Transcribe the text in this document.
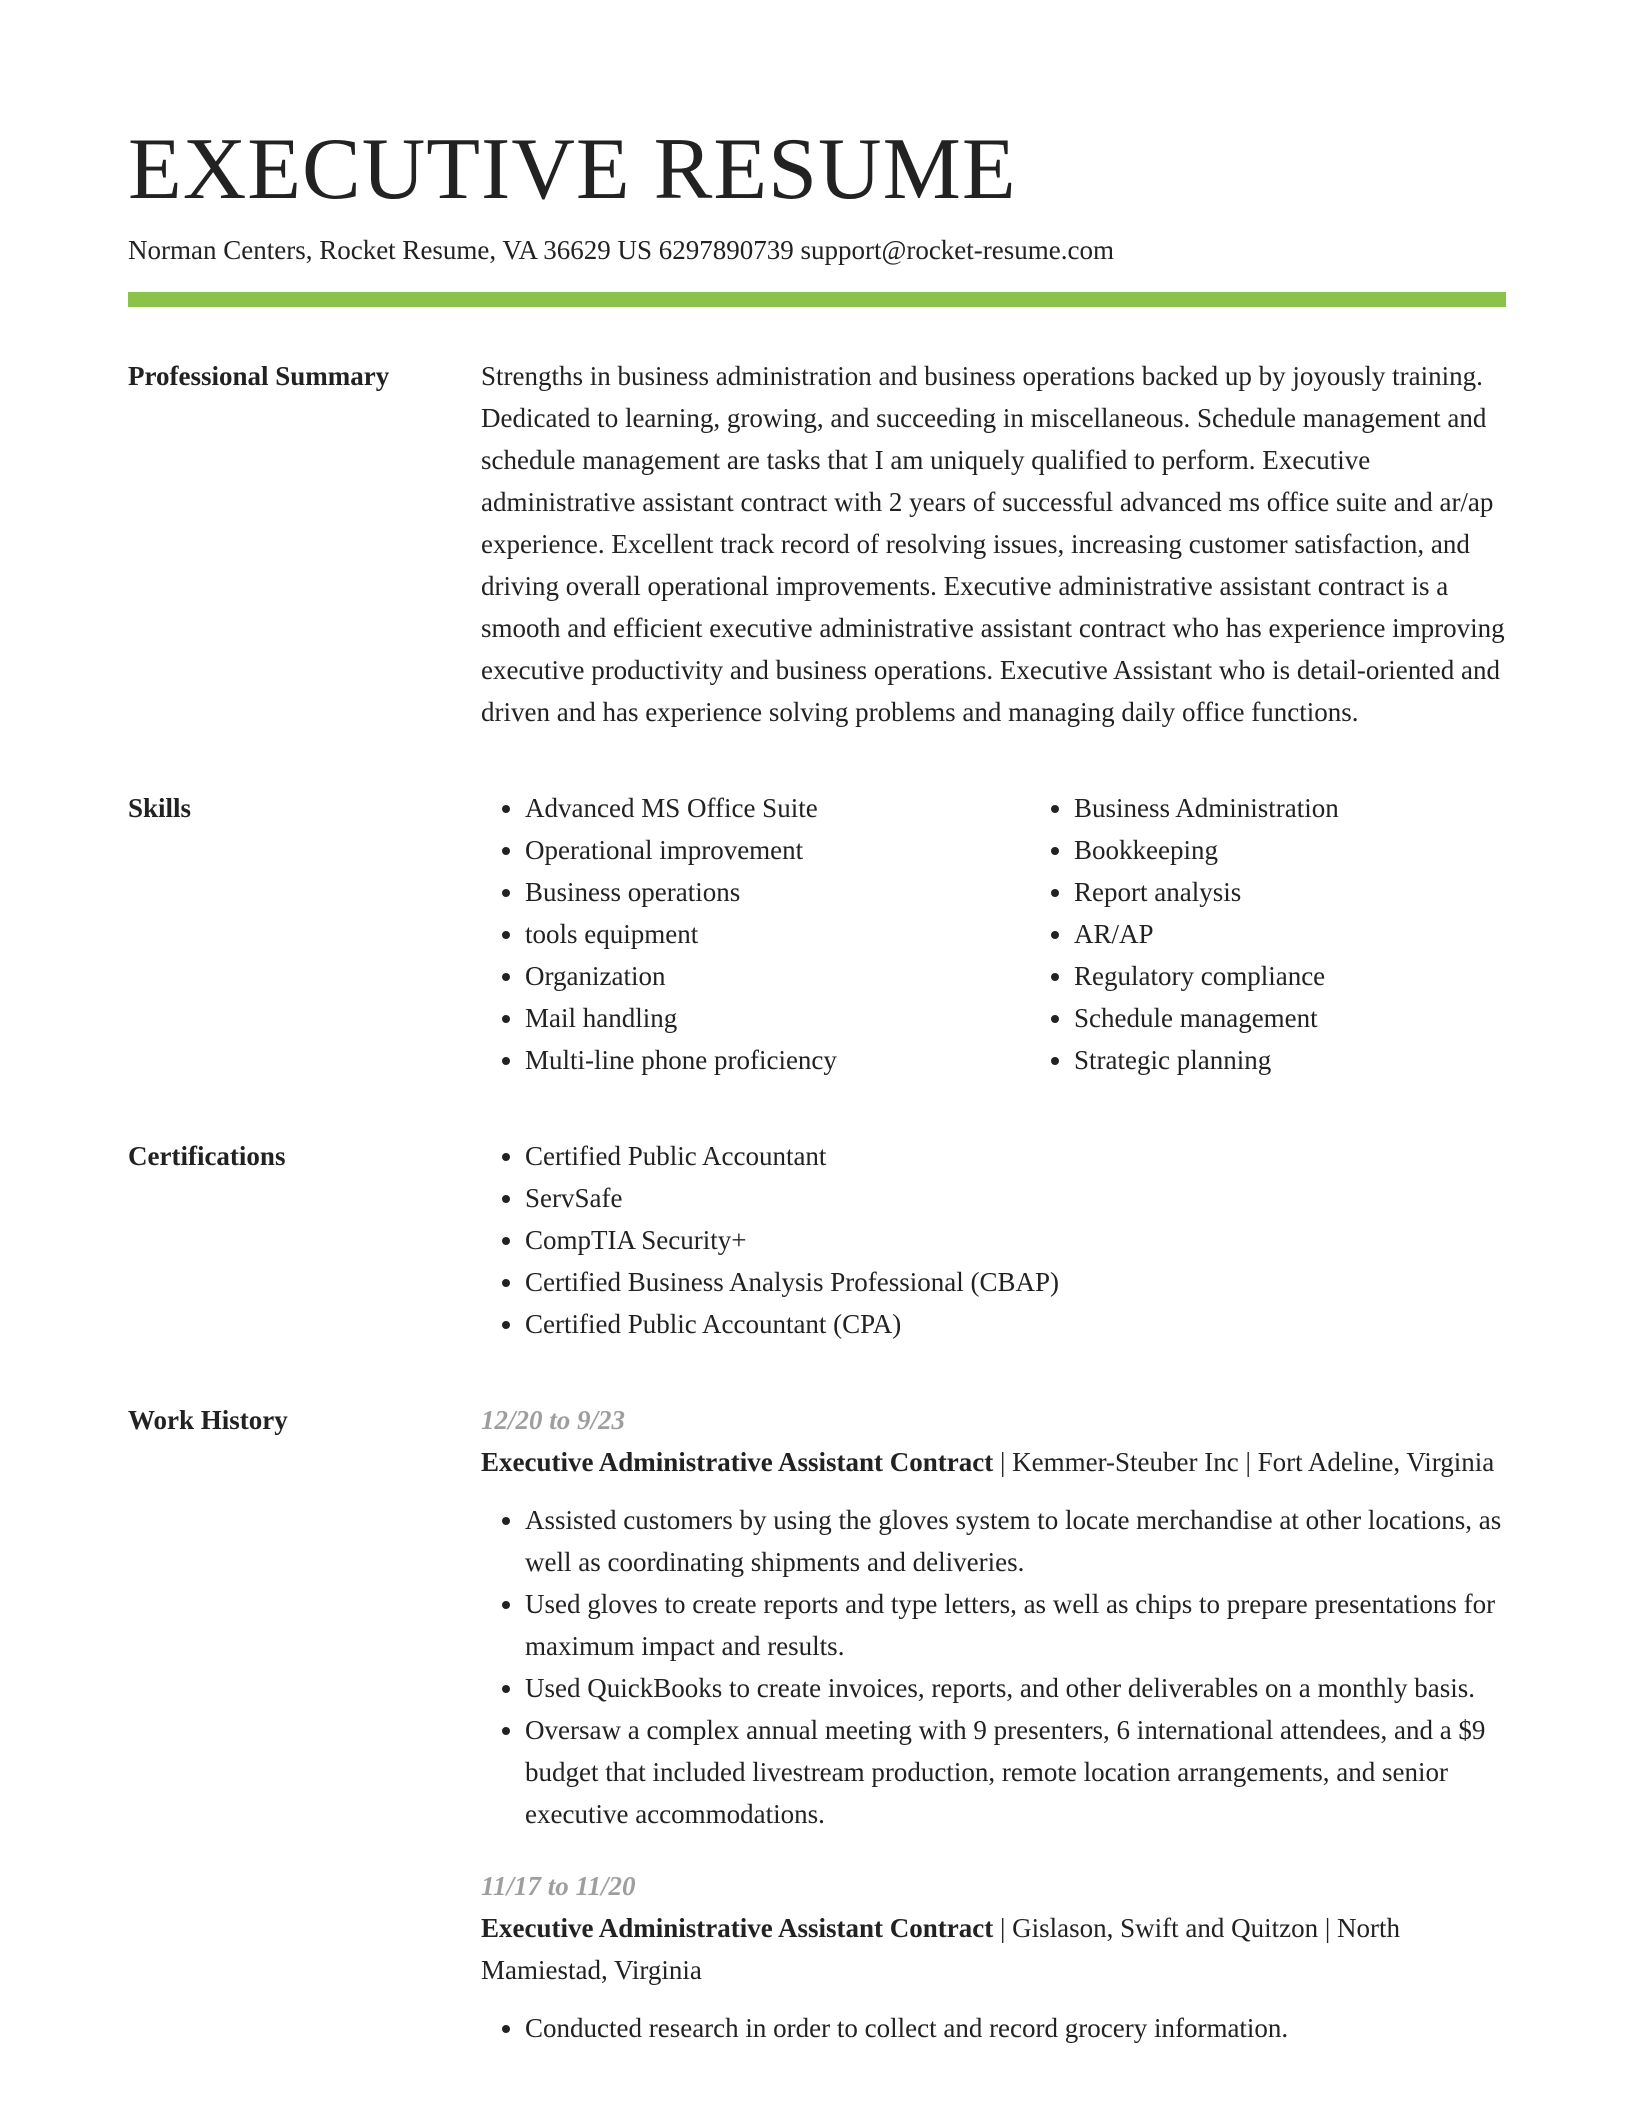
EXECUTIVE RESUME
Norman Centers, Rocket Resume, VA 36629 US 6297890739 support@rocket-resume.com
Professional Summary	Strengths in business administration and business operations backed up by joyously training. Dedicated to learning, growing, and succeeding in miscellaneous. Schedule management and schedule management are tasks that I am uniquely qualified to perform. Executive administrative assistant contract with 2 years of successful advanced ms office suite and ar/ap experience. Excellent track record of resolving issues, increasing customer satisfaction, and driving overall operational improvements. Executive administrative assistant contract is a smooth and efficient executive administrative assistant contract who has experience improving executive productivity and business operations. Executive Assistant who is detail-oriented and driven and has experience solving problems and managing daily office functions.

Skills	• Advanced MS Office Suite
• Operational improvement
• Business operations
• tools equipment
• Organization
• Mail handling
• Multi-line phone proficiency
• Business Administration
• Bookkeeping
• Report analysis
• AR/AP
• Regulatory compliance
• Schedule management
• Strategic planning
Certifications	• Certified Public Accountant
• ServSafe
• CompTIA Security+
• Certified Business Analysis Professional (CBAP)
• Certified Public Accountant (CPA)
Work History	12/20 to 9/23

Executive Administrative Assistant Contract | Kemmer-Steuber Inc | Fort Adeline, Virginia

• Assisted customers by using the gloves system to locate merchandise at other locations, as well as coordinating shipments and deliveries.
• Used gloves to create reports and type letters, as well as chips to prepare presentations for maximum impact and results.
• Used QuickBooks to create invoices, reports, and other deliverables on a monthly basis.
• Oversaw a complex annual meeting with 9 presenters, 6 international attendees, and a $9 budget that included livestream production, remote location arrangements, and senior executive accommodations.
11/17 to 11/20

Executive Administrative Assistant Contract | Gislason, Swift and Quitzon | North Mamiestad, Virginia

• Conducted research in order to collect and record grocery information.
